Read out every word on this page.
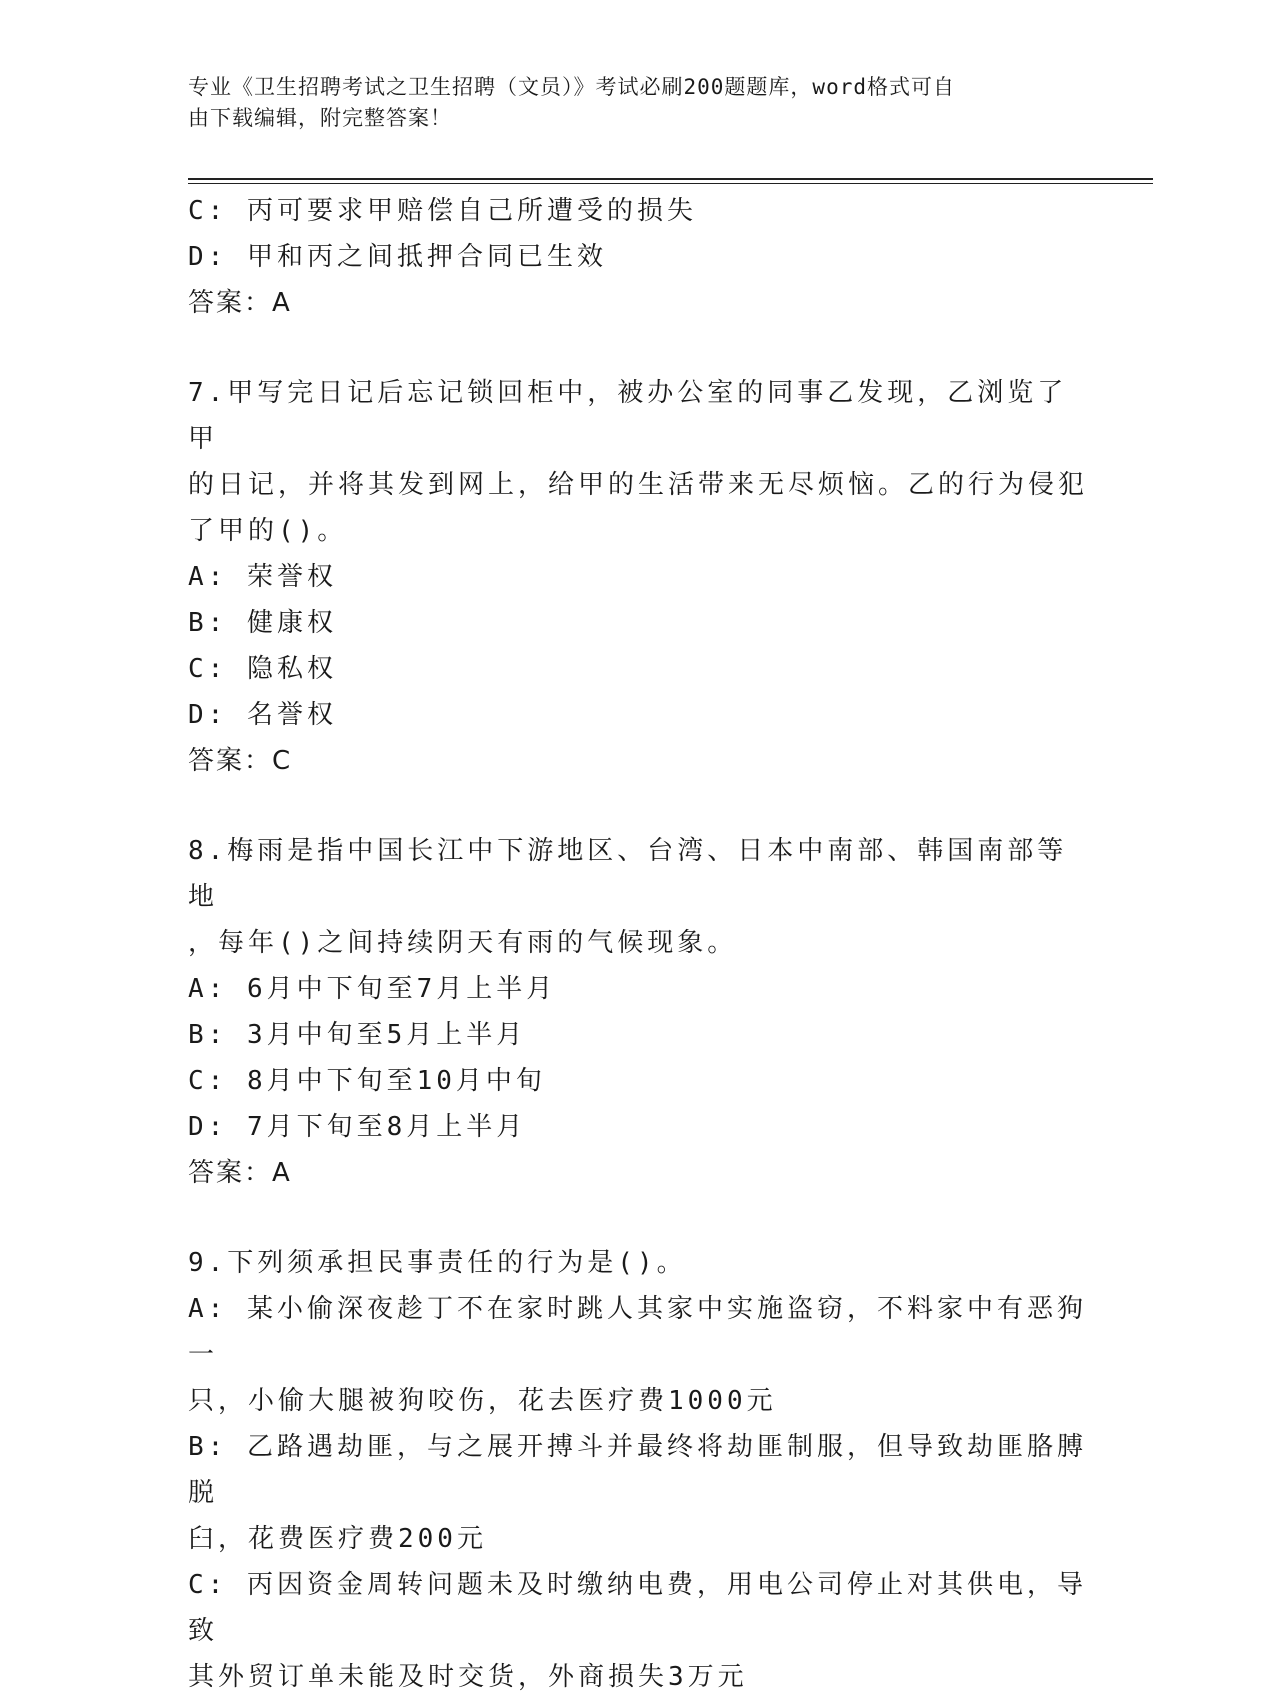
专业《卫生招聘考试之卫生招聘（文员）》考试必刷200题题库，word格式可自
由下载编辑，附完整答案！
C: 丙可要求甲赔偿自己所遭受的损失
D: 甲和丙之间抵押合同已生效
答案：A
7.甲写完日记后忘记锁回柜中，被办公室的同事乙发现，乙浏览了甲
的日记，并将其发到网上，给甲的生活带来无尽烦恼。乙的行为侵犯
了甲的()。
A: 荣誉权
B: 健康权
C: 隐私权
D: 名誉权
答案：C
8.梅雨是指中国长江中下游地区、台湾、日本中南部、韩国南部等地
，每年()之间持续阴天有雨的气候现象。
A: 6月中下旬至7月上半月
B: 3月中旬至5月上半月
C: 8月中下旬至10月中旬
D: 7月下旬至8月上半月
答案：A
9.下列须承担民事责任的行为是()。
A: 某小偷深夜趁丁不在家时跳人其家中实施盗窃，不料家中有恶狗一
只，小偷大腿被狗咬伤，花去医疗费1000元
B: 乙路遇劫匪，与之展开搏斗并最终将劫匪制服，但导致劫匪胳膊脱
臼，花费医疗费200元
C: 丙因资金周转问题未及时缴纳电费，用电公司停止对其供电，导致
其外贸订单未能及时交货，外商损失3万元
